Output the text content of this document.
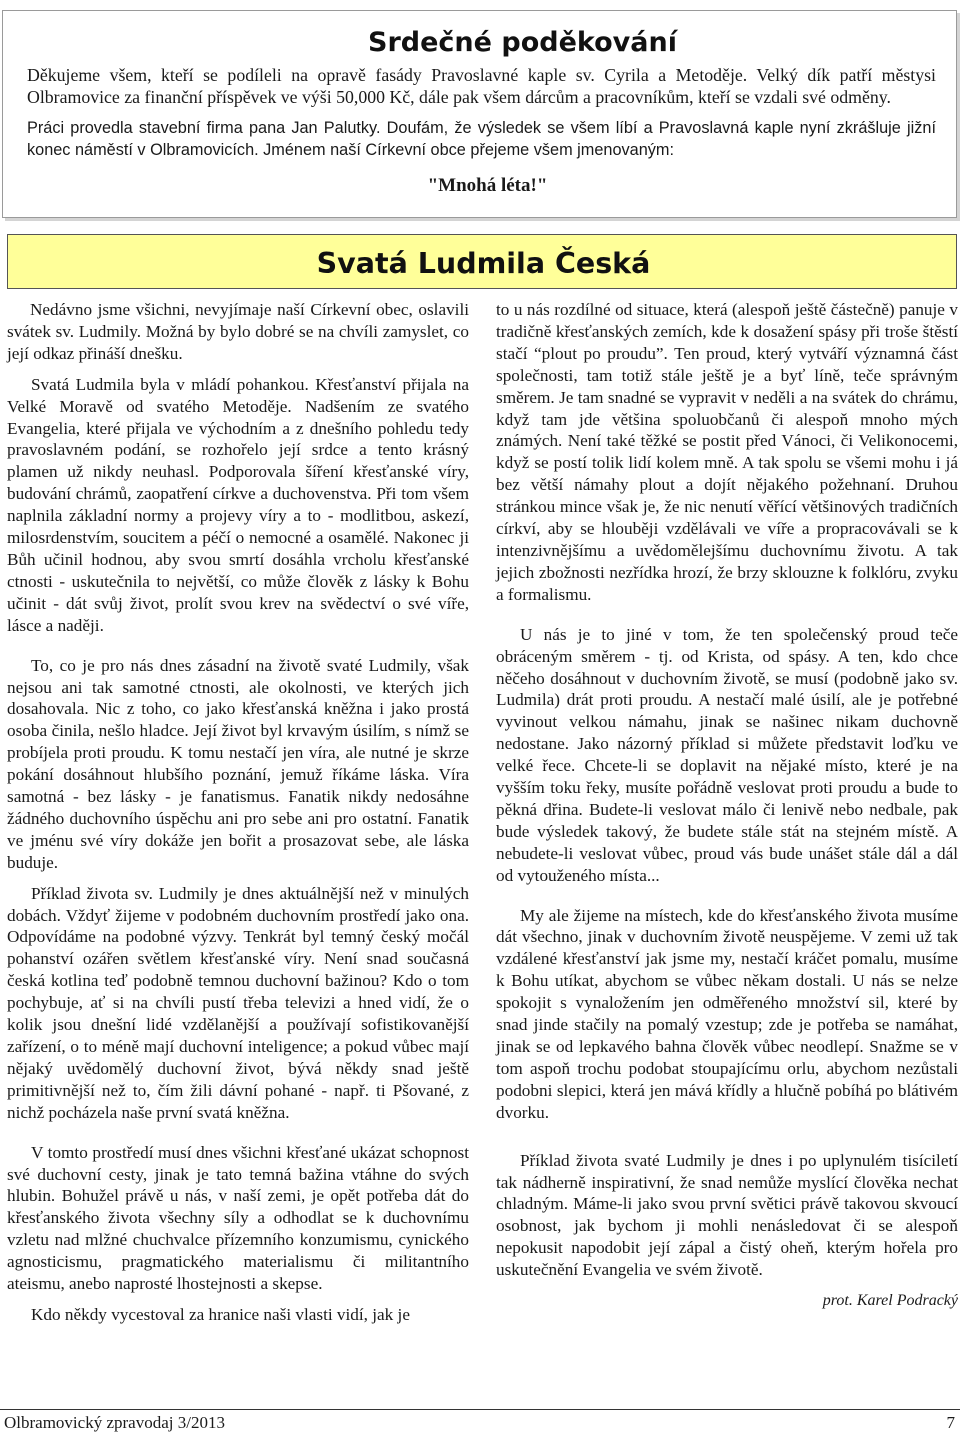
Srdečné poděkování

Děkujeme všem, kteří se podíleli na opravě fasády Pravoslavné kaple sv. Cyrila a Metoděje. Velký dík patří městysi Olbramovice za finanční příspěvek ve výši 50,000 Kč, dále pak všem dárcům a pracovníkům, kteří se vzdali své odměny.

Práci provedla stavební firma pana Jan Palutky. Doufám, že výsledek se všem líbí a Pravoslavná kaple nyní zkrášluje jižní konec náměstí v Olbramovicích. Jménem naší Církevní obce přejeme všem jmenovaným:

"Mnohá léta!"
Svatá Ludmila Česká

Nedávno jsme všichni, nevyjímaje naší Církevní obec, oslavili svátek sv. Ludmily. Možná by bylo dobré se na chvíli zamyslet, co její odkaz přináší dnešku.

Svatá Ludmila byla v mládí pohankou. Křesťanství přijala na Velké Moravě od svatého Metoděje. Nadšením ze svatého Evangelia, které přijala ve východním a z dnešního pohledu tedy pravoslavném podání, se rozhořelo její srdce a tento krásný plamen už nikdy neuhasl. Podporovala šíření křesťanské víry, budování chrámů, zaopatření církve a duchovenstva. Při tom všem naplnila základní normy a projevy víry a to - modlitbou, askezí, milosrdenstvím, soucitem a péčí o nemocné a osamělé. Nakonec ji Bůh učinil hodnou, aby svou smrtí dosáhla vrcholu křesťanské ctnosti - uskutečnila to největší, co může člověk z lásky k Bohu učinit - dát svůj život, prolít svou krev na svědectví o své víře, lásce a naději.

To, co je pro nás dnes zásadní na životě svaté Ludmily, však nejsou ani tak samotné ctnosti, ale okolnosti, ve kterých jich dosahovala. Nic z toho, co jako křesťanská kněžna i jako prostá osoba činila, nešlo hladce. Její život byl krvavým úsilím, s nímž se probíjela proti proudu. K tomu nestačí jen víra, ale nutné je skrze pokání dosáhnout hlubšího poznání, jemuž říkáme láska. Víra samotná - bez lásky - je fanatismus. Fanatik nikdy nedosáhne žádného duchovního úspěchu ani pro sebe ani pro ostatní. Fanatik ve jménu své víry dokáže jen bořit a prosazovat sebe, ale láska buduje.

Příklad života sv. Ludmily je dnes aktuálnější než v minulých dobách. Vždyť žijeme v podobném duchovním prostředí jako ona. Odpovídáme na podobné výzvy. Tenkrát byl temný český močál pohanství ozářen světlem křesťanské víry. Není snad současná česká kotlina teď podobně temnou duchovní bažinou? Kdo o tom pochybuje, ať si na chvíli pustí třeba televizi a hned vidí, že o kolik jsou dnešní lidé vzdělanější a používají sofistikovanější zařízení, o to méně mají duchovní inteligence; a pokud vůbec mají nějaký uvědomělý duchovní život, bývá někdy snad ještě primitivnější než to, čím žili dávní pohané - např. ti Pšované, z nichž pocházela naše první svatá kněžna.

V tomto prostředí musí dnes všichni křesťané ukázat schopnost své duchovní cesty, jinak je tato temná bažina vtáhne do svých hlubin. Bohužel právě u nás, v naší zemi, je opět potřeba dát do křesťanského života všechny síly a odhodlat se k duchovnímu vzletu nad mlžné chuchvalce přízemního konzumismu, cynického agnosticismu, pragmatického materialismu či militantního ateismu, anebo naprosté lhostejnosti a skepse.

Kdo někdy vycestoval za hranice naši vlasti vidí, jak je

to u nás rozdílné od situace, která (alespoň ještě částečně) panuje v tradičně křesťanských zemích, kde k dosažení spásy při troše štěstí stačí “plout po proudu”. Ten proud, který vytváří významná část společnosti, tam totiž stále ještě je a byť líně, teče správným směrem. Je tam snadné se vypravit v neděli a na svátek do chrámu, když tam jde většina spoluobčanů či alespoň mnoho mých známých. Není také těžké se postit před Vánoci, či Velikonocemi, když se postí tolik lidí kolem mně. A tak spolu se všemi mohu i já bez větší námahy plout a dojít nějakého požehnaní. Druhou stránkou mince však je, že nic nenutí věřící většinových tradičních církví, aby se hlouběji vzdělávali ve víře a propracovávali se k intenzivnějšímu a uvědomělejšímu duchovnímu životu. A tak jejich zbožnosti nezřídka hrozí, že brzy sklouzne k folklóru, zvyku a formalismu.

U nás je to jiné v tom, že ten společenský proud teče obráceným směrem - tj. od Krista, od spásy. A ten, kdo chce něčeho dosáhnout v duchovním životě, se musí (podobně jako sv. Ludmila) drát proti proudu. A nestačí malé úsilí, ale je potřebné vyvinout velkou námahu, jinak se našinec nikam duchovně nedostane. Jako názorný příklad si můžete představit loďku ve velké řece. Chcete-li se doplavit na nějaké místo, které je na vyšším toku řeky, musíte pořádně veslovat proti proudu a bude to pěkná dřina. Budete-li veslovat málo či lenivě nebo nedbale, pak bude výsledek takový, že budete stále stát na stejném místě. A nebudete-li veslovat vůbec, proud vás bude unášet stále dál a dál od vytouženého místa...

My ale žijeme na místech, kde do křesťanského života musíme dát všechno, jinak v duchovním životě neuspějeme. V zemi už tak vzdálené křesťanství jak jsme my, nestačí kráčet pomalu, musíme k Bohu utíkat, abychom se vůbec někam dostali. U nás se nelze spokojit s vynaložením jen odměřeného množství sil, které by snad jinde stačily na pomalý vzestup; zde je potřeba se namáhat, jinak se od lepkavého bahna člověk vůbec neodlepí. Snažme se v tom aspoň trochu podobat stoupajícímu orlu, abychom nezůstali podobni slepici, která jen mává křídly a hlučně pobíhá po blátivém dvorku.

Příklad života svaté Ludmily je dnes i po uplynulém tisíciletí tak nádherně inspirativní, že snad nemůže myslící člověka nechat chladným. Máme-li jako svou první světici právě takovou skvoucí osobnost, jak bychom ji mohli nenásledovat či se alespoň nepokusit napodobit její zápal a čistý oheň, kterým hořela pro uskutečnění Evangelia ve svém životě.

prot. Karel Podracký
Olbramovický zpravodaj 3/2013	7
